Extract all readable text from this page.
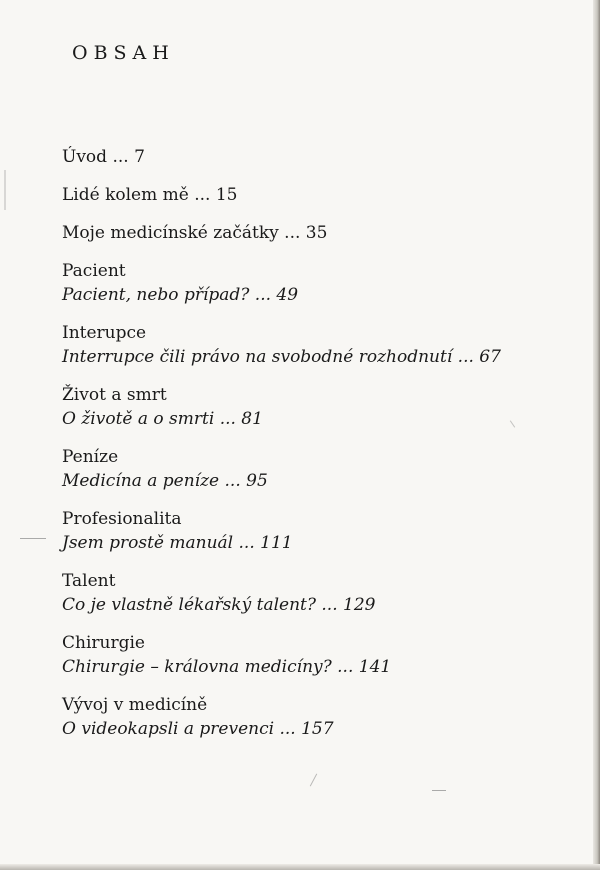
OBSAH
Úvod ... 7
Lidé kolem mě ... 15
Moje medicínské začátky ... 35
Pacient
Pacient, nebo případ? ... 49
Interupce
Interrupce čili právo na svobodné rozhodnutí ... 67
Život a smrt
O životě a o smrti ... 81
Peníze
Medicína a peníze ... 95
Profesionalita
Jsem prostě manuál ... 111
Talent
Co je vlastně lékařský talent? ... 129
Chirurgie
Chirurgie – královna medicíny? ... 141
Vývoj v medicíně
O videokapsli a prevenci ... 157
